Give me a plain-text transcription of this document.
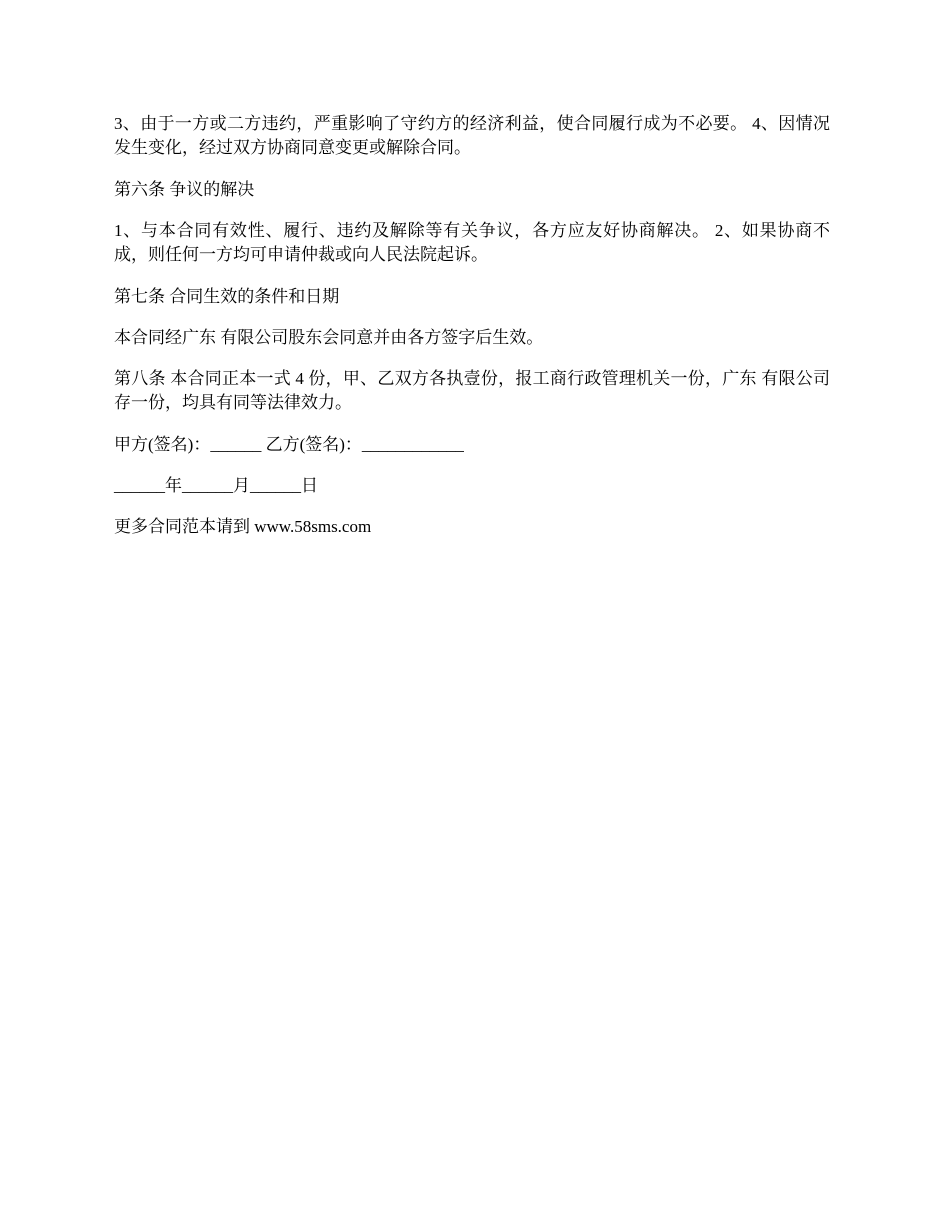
3、由于一方或二方违约，严重影响了守约方的经济利益，使合同履行成为不必要。 4、因情况发生变化，经过双方协商同意变更或解除合同。

第六条 争议的解决

1、与本合同有效性、履行、违约及解除等有关争议，各方应友好协商解决。 2、如果协商不成，则任何一方均可申请仲裁或向人民法院起诉。

第七条 合同生效的条件和日期

本合同经广东 有限公司股东会同意并由各方签字后生效。

第八条 本合同正本一式 4 份，甲、乙双方各执壹份，报工商行政管理机关一份，广东 有限公司存一份，均具有同等法律效力。

甲方(签名)：______ 乙方(签名)：____________

______年______月______日

更多合同范本请到 www.58sms.com
